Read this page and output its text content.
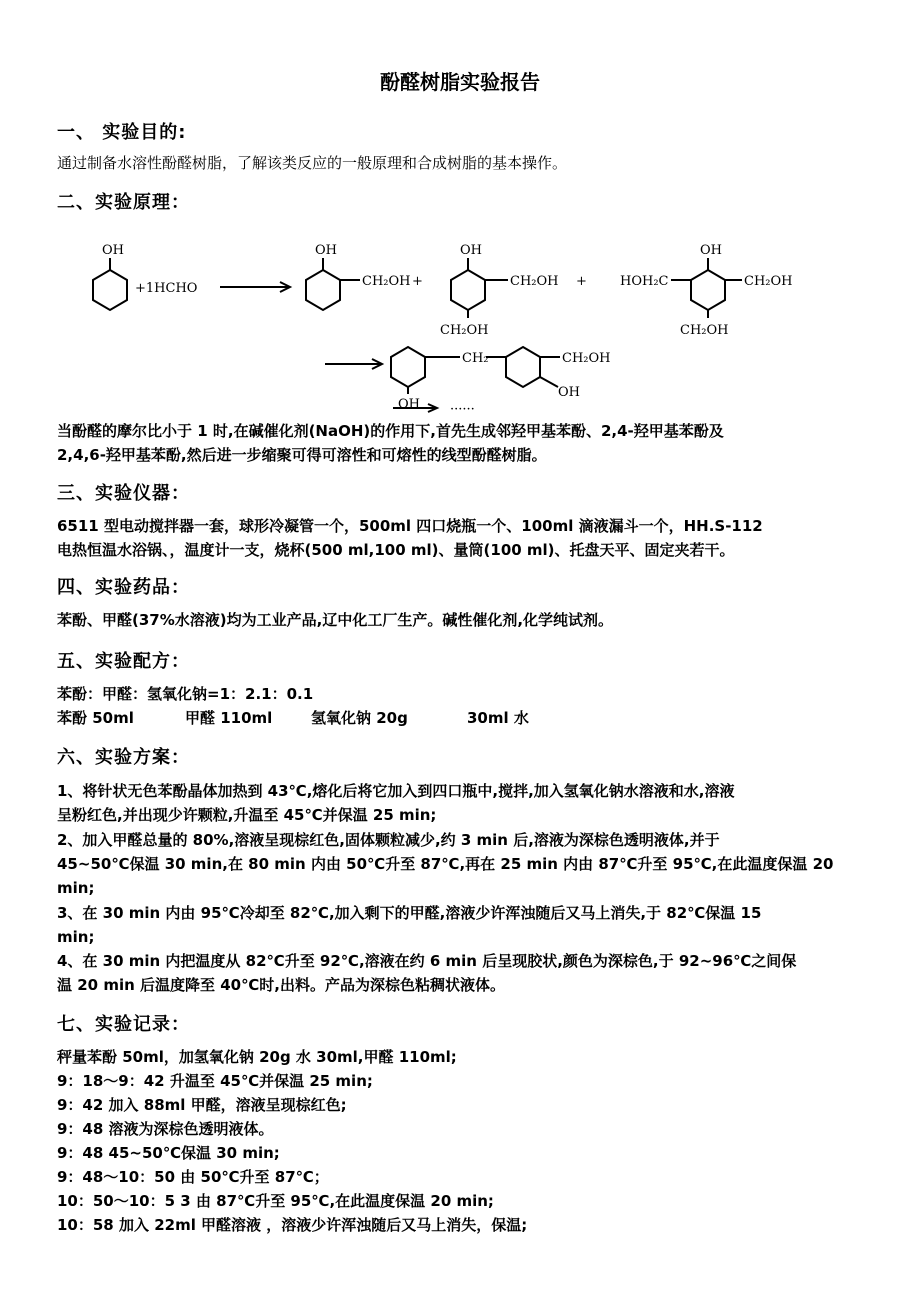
酚醛树脂实验报告
一、 实验目的:
通过制备水溶性酚醛树脂，了解该类反应的一般原理和合成树脂的基本操作。
二、实验原理：
OH
+1HCHO
OH
CH₂OH +
OH
CH₂OH +
CH₂OH
HOH₂C
OH
CH₂OH
CH₂OH
CH₂	CH₂OH
OH
OH
······
当酚醛的摩尔比小于 1 时,在碱催化剂(NaOH)的作用下,首先生成邻羟甲基苯酚、2,4-羟甲基苯酚及
2,4,6-羟甲基苯酚,然后进一步缩聚可得可溶性和可熔性的线型酚醛树脂。
三、实验仪器：
6511 型电动搅拌器一套，球形冷凝管一个，500ml 四口烧瓶一个、100ml 滴液漏斗一个，HH.S-112
电热恒温水浴锅、，温度计一支，烧杯(500 ml,100 ml)、量筒(100 ml)、托盘天平、固定夹若干。
四、实验药品：
苯酚、甲醛(37%水溶液)均为工业产品,辽中化工厂生产。碱性催化剂,化学纯试剂。
五、实验配方：
苯酚：甲醛：氢氧化钠=1：2.1：0.1
苯酚 50ml	甲醛 110ml	氢氧化钠 20g	30ml 水
六、实验方案：
1、将针状无色苯酚晶体加热到 43℃,熔化后将它加入到四口瓶中,搅拌,加入氢氧化钠水溶液和水,溶液
呈粉红色,并出现少许颗粒,升温至 45℃并保温 25 min;
2、加入甲醛总量的 80%,溶液呈现棕红色,固体颗粒减少,约 3 min 后,溶液为深棕色透明液体,并于
45~50℃保温 30 min,在 80 min 内由 50℃升至 87℃,再在 25 min 内由 87℃升至 95℃,在此温度保温 20
min;
3、在 30 min 内由 95℃冷却至 82℃,加入剩下的甲醛,溶液少许浑浊随后又马上消失,于 82℃保温 15
min;
4、在 30 min 内把温度从 82℃升至 92℃,溶液在约 6 min 后呈现胶状,颜色为深棕色,于 92~96℃之间保
温 20 min 后温度降至 40℃时,出料。产品为深棕色粘稠状液体。
七、实验记录：
秤量苯酚 50ml，加氢氧化钠 20g 水 30ml,甲醛 110ml;
9：18～9：42 升温至 45℃并保温 25 min;
9：42 加入 88ml 甲醛，溶液呈现棕红色;
9：48 溶液为深棕色透明液体。
9：48 45~50℃保温 30 min;
9：48～10：50 由 50℃升至 87℃；
10：50～10：5 3 由 87℃升至 95℃,在此温度保温 20 min;
10：58 加入 22ml 甲醛溶液 ，溶液少许浑浊随后又马上消失，保温;
